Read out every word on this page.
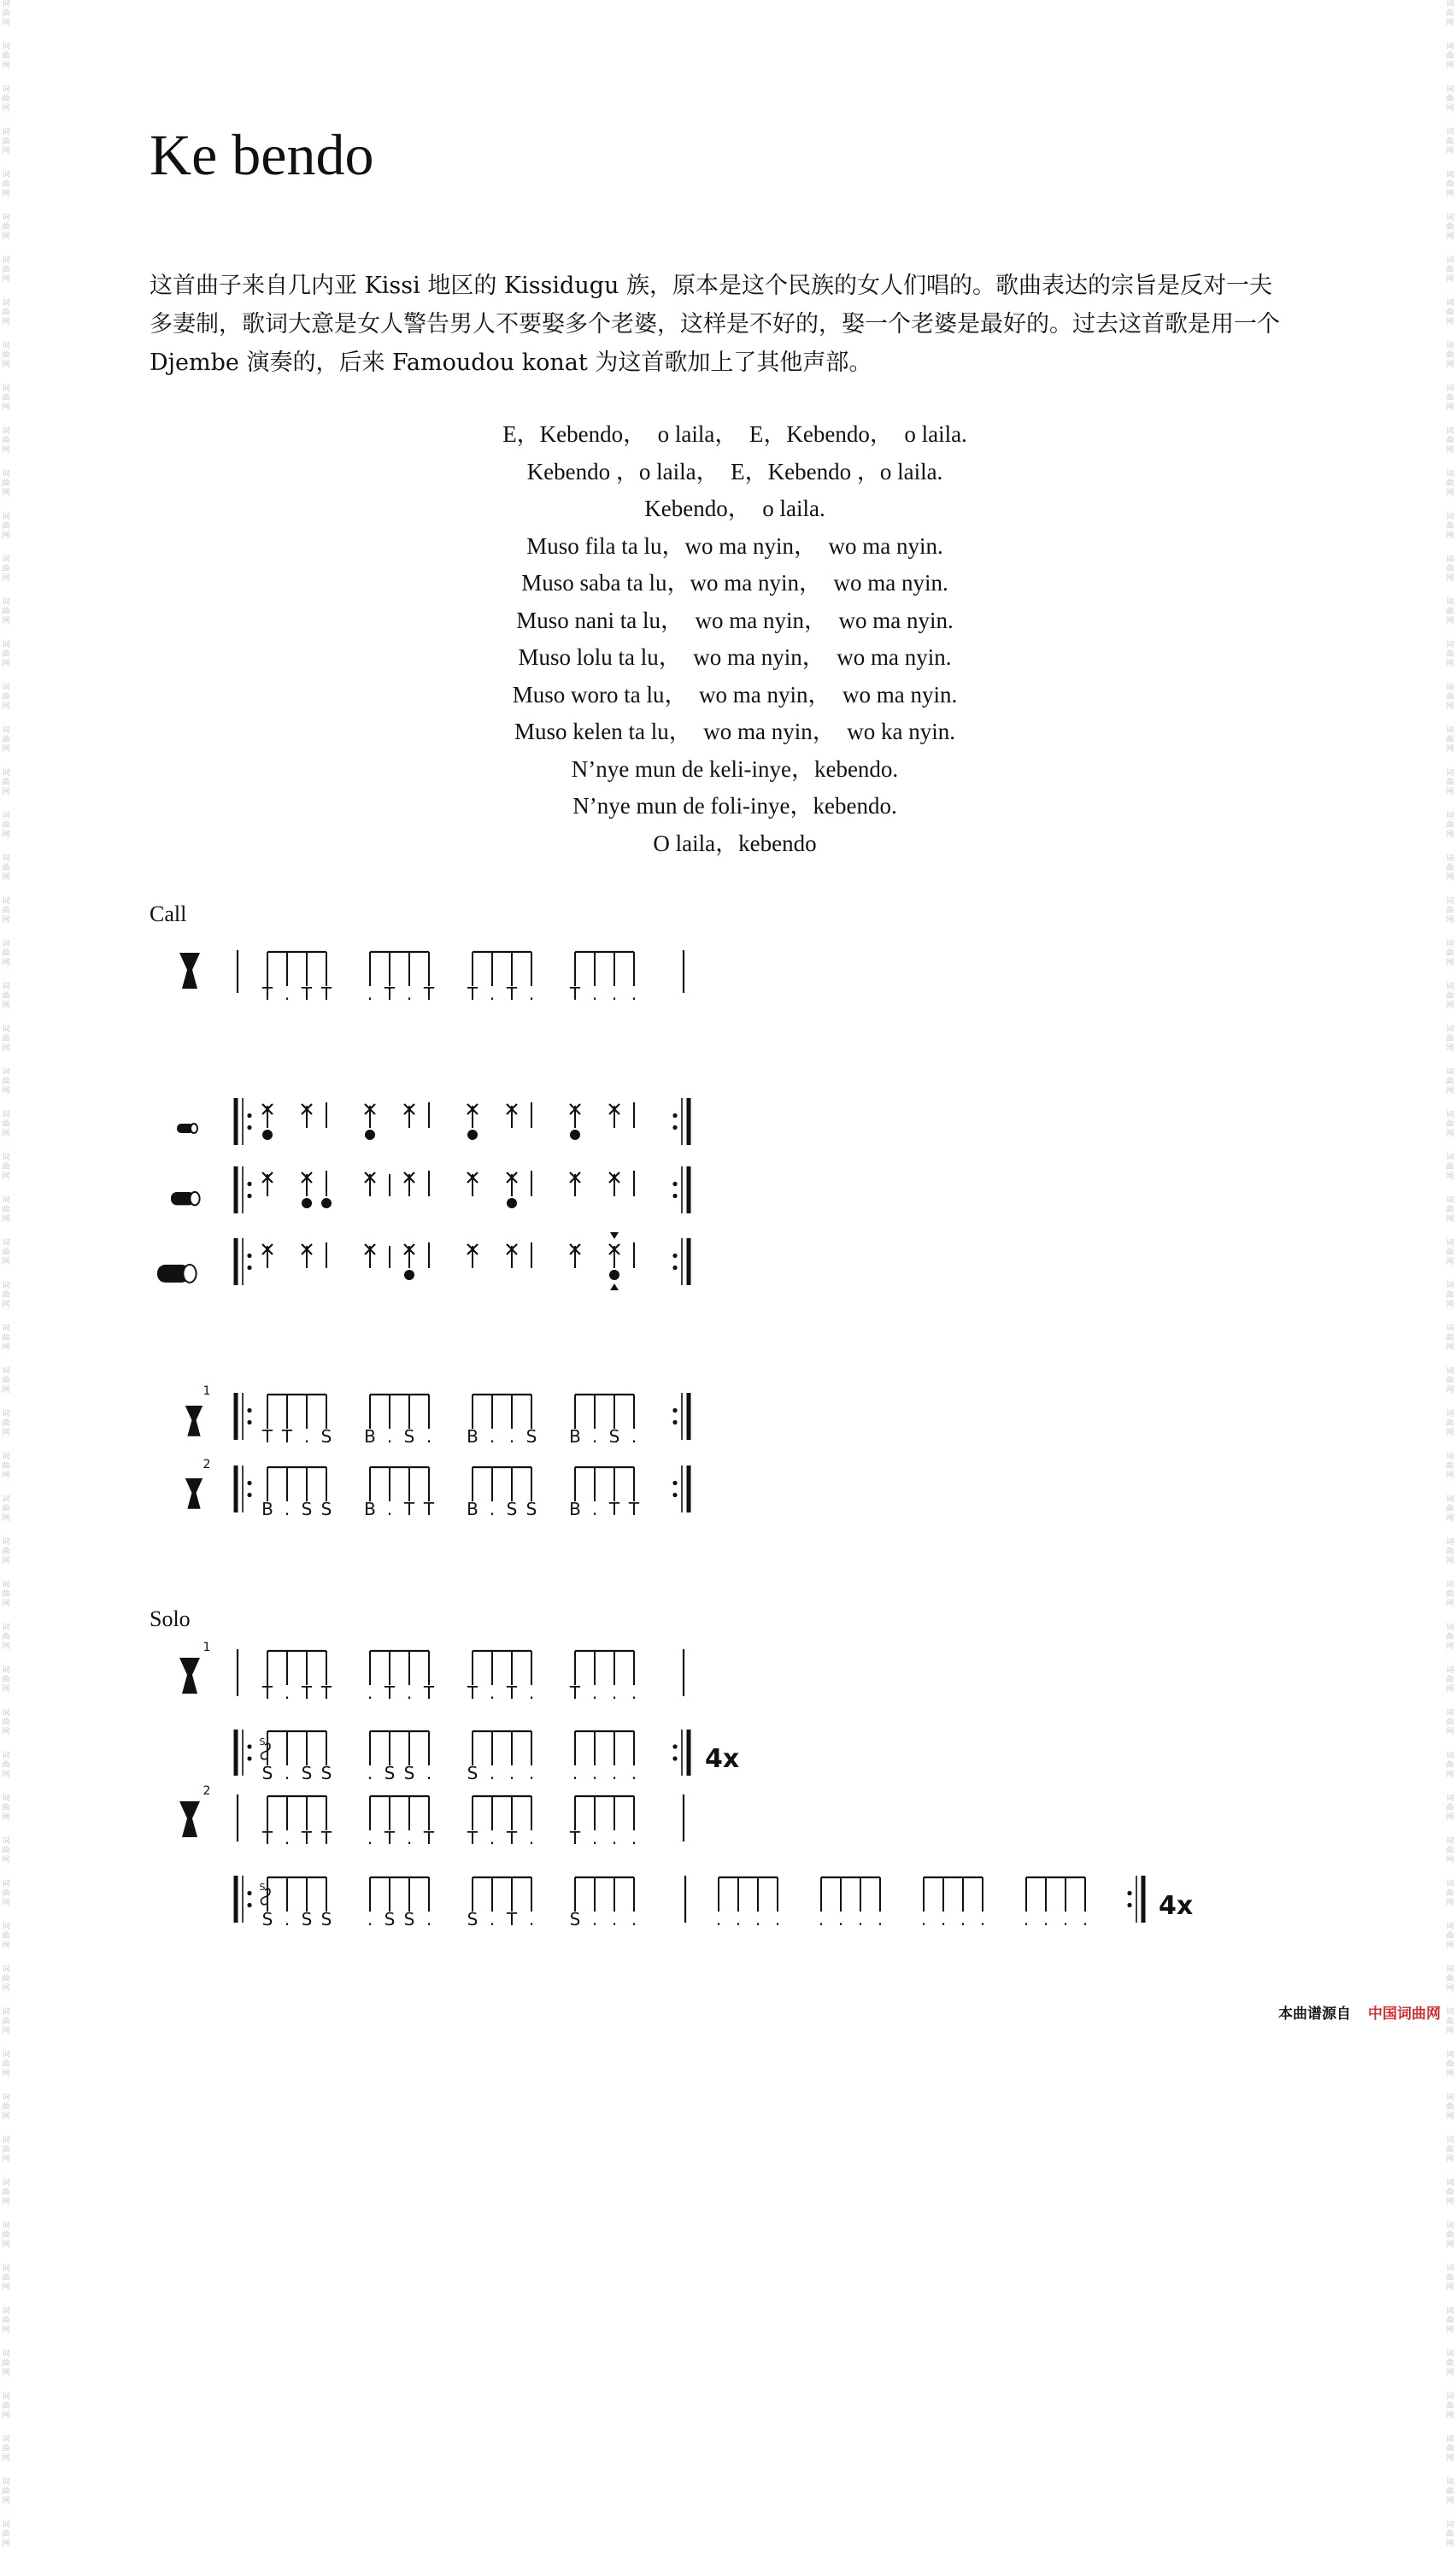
词 曲 网
词 曲 网
词 曲 网
词 曲 网
词 曲 网
词 曲 网
词 曲 网
词 曲 网
词 曲 网
词 曲 网
词 曲 网
词 曲 网
词 曲 网
词 曲 网
词 曲 网
词 曲 网
词 曲 网
词 曲 网
词 曲 网
词 曲 网
词 曲 网
词 曲 网
词 曲 网
词 曲 网
词 曲 网
词 曲 网
词 曲 网
词 曲 网
词 曲 网
词 曲 网
词 曲 网
词 曲 网
词 曲 网
词 曲 网
词 曲 网
词 曲 网
词 曲 网
词 曲 网
词 曲 网
词 曲 网
词 曲 网
词 曲 网
词 曲 网
词 曲 网
词 曲 网
词 曲 网
词 曲 网
词 曲 网
词 曲 网
词 曲 网
词 曲 网
词 曲 网
词 曲 网
词 曲 网
词 曲 网
词 曲 网
词 曲 网
词 曲 网
词 曲 网
词 曲 网
词 曲 网
词 曲 网
词 曲 网
词 曲 网
词 曲 网
词 曲 网
词 曲 网
词 曲 网
词 曲 网
词 曲 网
词 曲 网
词 曲 网
词 曲 网
词 曲 网
词 曲 网
词 曲 网
词 曲 网
词 曲 网
词 曲 网
词 曲 网
词 曲 网
词 曲 网
词 曲 网
词 曲 网
词 曲 网
词 曲 网
词 曲 网
词 曲 网
词 曲 网
词 曲 网
词 曲 网
词 曲 网
词 曲 网
词 曲 网
词 曲 网
词 曲 网
词 曲 网
词 曲 网
词 曲 网
词 曲 网
词 曲 网
词 曲 网
词 曲 网
词 曲 网
词 曲 网
词 曲 网
词 曲 网
词 曲 网
词 曲 网
词 曲 网
词 曲 网
词 曲 网
词 曲 网
词 曲 网
词 曲 网
词 曲 网
词 曲 网
词 曲 网
词 曲 网
词 曲 网
Ke bendo

这首曲子来自几内亚 Kissi 地区的 Kissidugu 族，原本是这个民族的女人们唱的。歌曲表达的宗旨是反对一夫多妻制，歌词大意是女人警告男人不要娶多个老婆，这样是不好的，娶一个老婆是最好的。过去这首歌是用一个 Djembe 演奏的，后来 Famoudou konat 为这首歌加上了其他声部。

E，Kebendo，  o laila，  E，Kebendo，  o laila.
Kebendo ，o laila，  E，Kebendo ，o laila.
Kebendo，  o laila.
Muso fila ta lu，wo ma nyin，  wo ma nyin.
Muso saba ta lu，wo ma nyin，  wo ma nyin.
Muso nani ta lu，  wo ma nyin，  wo ma nyin.
Muso lolu ta lu，  wo ma nyin，  wo ma nyin.
Muso woro ta lu，  wo ma nyin，  wo ma nyin.
Muso kelen ta lu，  wo ma nyin，  wo ka nyin.
N’nye mun de keli-inye，kebendo.
N’nye mun de foli-inye，kebendo.
O laila，kebendo
Call
Solo
T . T T . T . T T . T . T . . .
1
2
T T . S B . S . B . . S B . S .
B . S S B . T T B . S S B . T T
1
T . T T . T . T T . T . T . . .
S . S S . S S . S . . . . . . .
S
4x
2
T . T T . T . T T . T . T . . .
S . S S . S S . S . T . S . . .
S
. . . . . . . . . . . . . . . .	4x
本曲谱源自 中国词曲网
